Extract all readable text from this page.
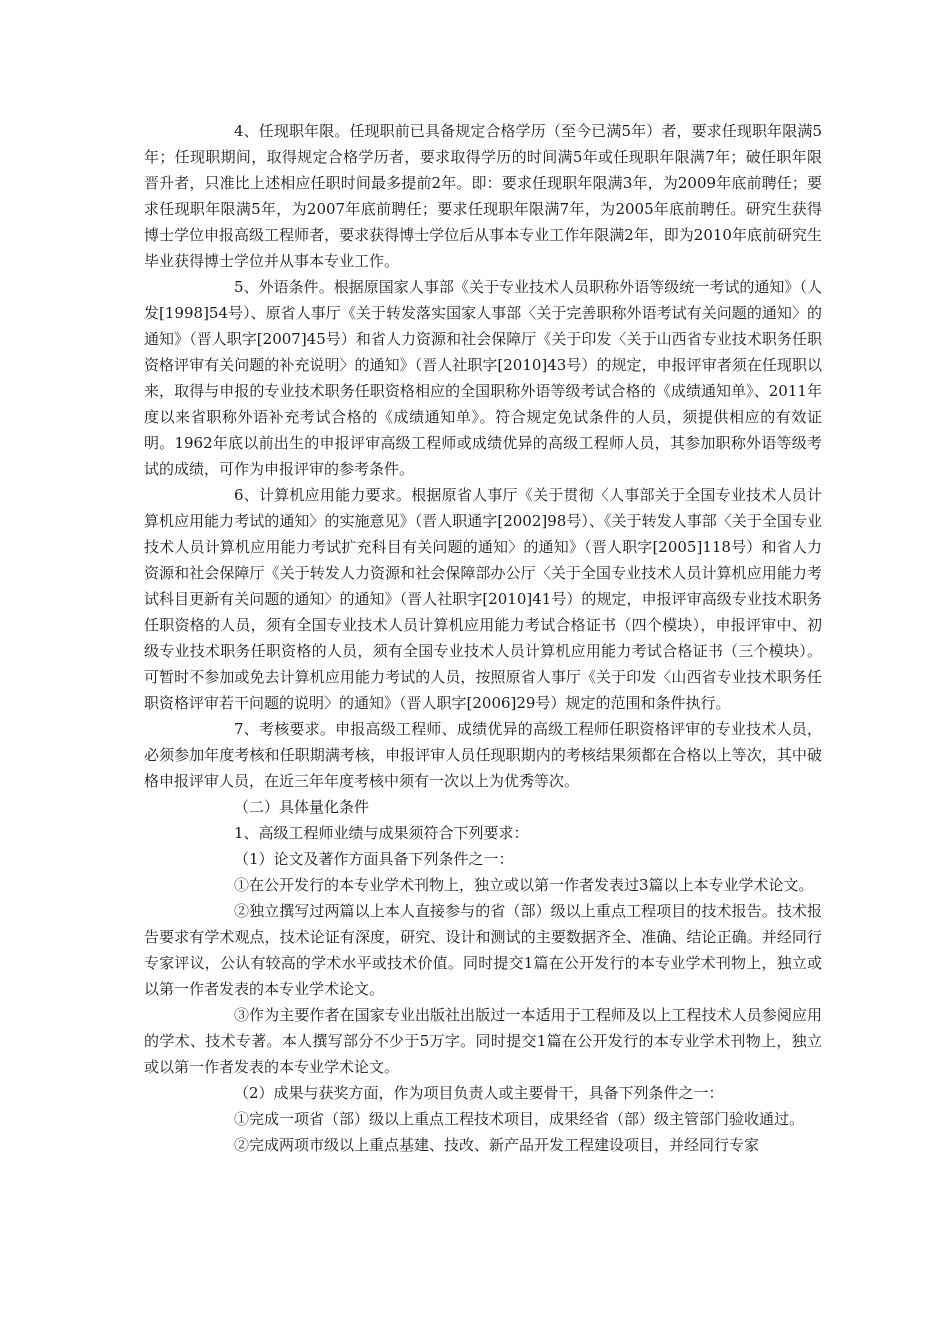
4、任现职年限。任现职前已具备规定合格学历（至今已满5年）者，要求任现职年限满5年；任现职期间，取得规定合格学历者，要求取得学历的时间满5年或任现职年限满7年；破任职年限晋升者，只准比上述相应任职时间最多提前2年。即：要求任现职年限满3年，为2009年底前聘任；要求任现职年限满5年，为2007年底前聘任；要求任现职年限满7年，为2005年底前聘任。研究生获得博士学位申报高级工程师者，要求获得博士学位后从事本专业工作年限满2年，即为2010年底前研究生毕业获得博士学位并从事本专业工作。

5、外语条件。根据原国家人事部《关于专业技术人员职称外语等级统一考试的通知》（人发[1998]54号）、原省人事厅《关于转发落实国家人事部〈关于完善职称外语考试有关问题的通知〉的通知》（晋人职字[2007]45号）和省人力资源和社会保障厅《关于印发〈关于山西省专业技术职务任职资格评审有关问题的补充说明〉的通知》（晋人社职字[2010]43号）的规定，申报评审者须在任现职以来，取得与申报的专业技术职务任职资格相应的全国职称外语等级考试合格的《成绩通知单》、2011年度以来省职称外语补充考试合格的《成绩通知单》。符合规定免试条件的人员，须提供相应的有效证明。1962年底以前出生的申报评审高级工程师或成绩优异的高级工程师人员，其参加职称外语等级考试的成绩，可作为申报评审的参考条件。

6、计算机应用能力要求。根据原省人事厅《关于贯彻〈人事部关于全国专业技术人员计算机应用能力考试的通知〉的实施意见》（晋人职通字[2002]98号）、《关于转发人事部〈关于全国专业技术人员计算机应用能力考试扩充科目有关问题的通知〉的通知》（晋人职字[2005]118号）和省人力资源和社会保障厅《关于转发人力资源和社会保障部办公厅〈关于全国专业技术人员计算机应用能力考试科目更新有关问题的通知〉的通知》（晋人社职字[2010]41号）的规定，申报评审高级专业技术职务任职资格的人员，须有全国专业技术人员计算机应用能力考试合格证书（四个模块），申报评审中、初级专业技术职务任职资格的人员，须有全国专业技术人员计算机应用能力考试合格证书（三个模块）。可暂时不参加或免去计算机应用能力考试的人员，按照原省人事厅《关于印发〈山西省专业技术职务任职资格评审若干问题的说明〉的通知》（晋人职字[2006]29号）规定的范围和条件执行。

7、考核要求。申报高级工程师、成绩优异的高级工程师任职资格评审的专业技术人员，必须参加年度考核和任职期满考核，申报评审人员任现职期内的考核结果须都在合格以上等次，其中破格申报评审人员，在近三年年度考核中须有一次以上为优秀等次。

（二）具体量化条件

1、高级工程师业绩与成果须符合下列要求：

（1）论文及著作方面具备下列条件之一：

①在公开发行的本专业学术刊物上，独立或以第一作者发表过3篇以上本专业学术论文。

②独立撰写过两篇以上本人直接参与的省（部）级以上重点工程项目的技术报告。技术报告要求有学术观点，技术论证有深度，研究、设计和测试的主要数据齐全、准确、结论正确。并经同行专家评议，公认有较高的学术水平或技术价值。同时提交1篇在公开发行的本专业学术刊物上，独立或以第一作者发表的本专业学术论文。

③作为主要作者在国家专业出版社出版过一本适用于工程师及以上工程技术人员参阅应用的学术、技术专著。本人撰写部分不少于5万字。同时提交1篇在公开发行的本专业学术刊物上，独立或以第一作者发表的本专业学术论文。

（2）成果与获奖方面，作为项目负责人或主要骨干，具备下列条件之一：

①完成一项省（部）级以上重点工程技术项目，成果经省（部）级主管部门验收通过。

②完成两项市级以上重点基建、技改、新产品开发工程建设项目，并经同行专家
